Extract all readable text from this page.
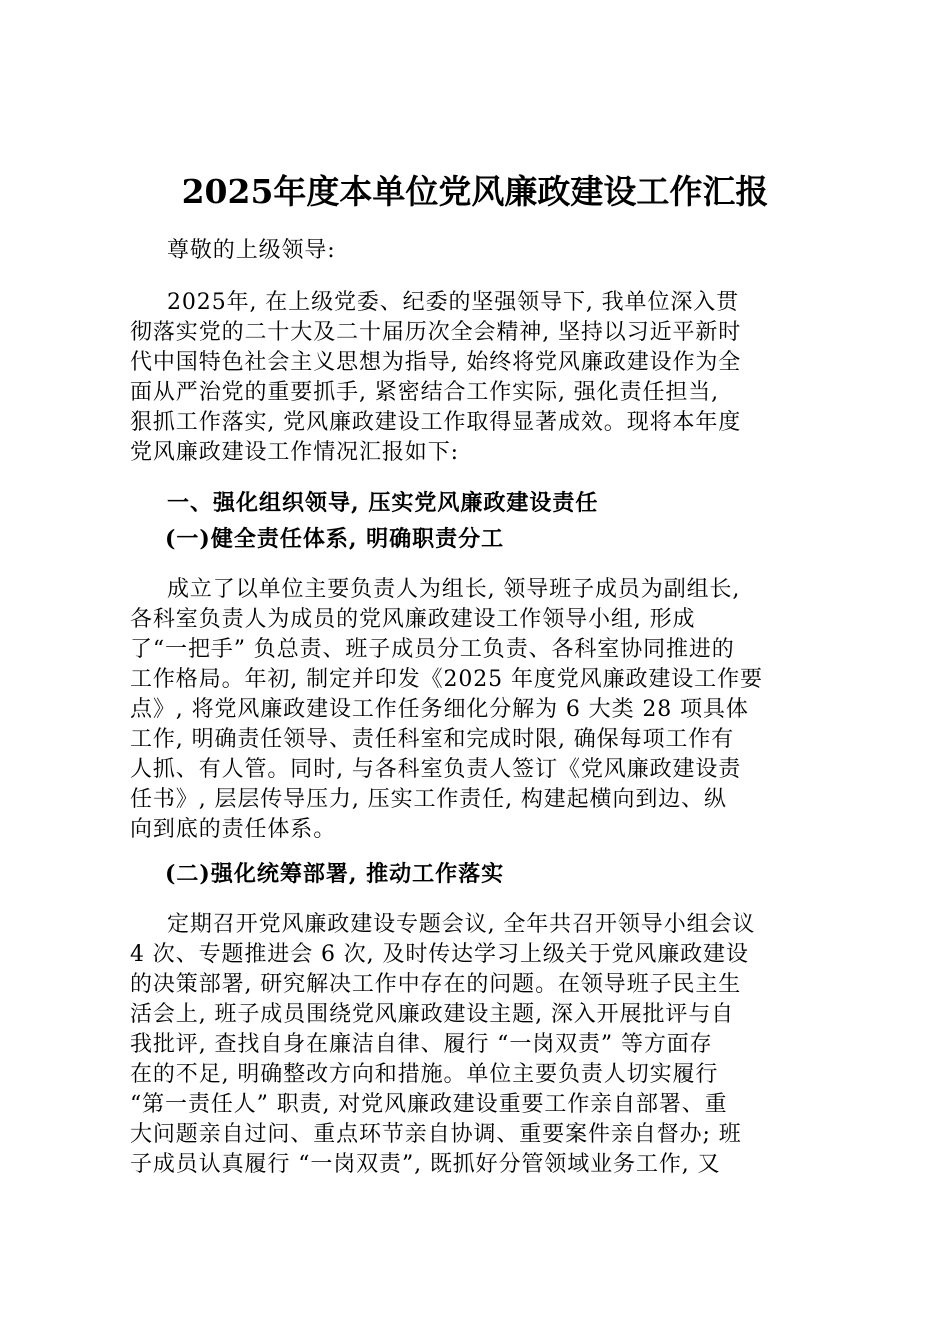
2025年度本单位党风廉政建设工作汇报
尊敬的上级领导:
2025年, 在上级党委、纪委的坚强领导下, 我单位深入贯
彻落实党的二十大及二十届历次全会精神, 坚持以习近平新时
代中国特色社会主义思想为指导, 始终将党风廉政建设作为全
面从严治党的重要抓手, 紧密结合工作实际, 强化责任担当,
狠抓工作落实, 党风廉政建设工作取得显著成效。现将本年度
党风廉政建设工作情况汇报如下:
一、强化组织领导, 压实党风廉政建设责任
(一)健全责任体系, 明确职责分工
成立了以单位主要负责人为组长, 领导班子成员为副组长,
各科室负责人为成员的党风廉政建设工作领导小组, 形成
了“一把手” 负总责、班子成员分工负责、各科室协同推进的
工作格局。年初, 制定并印发《2025 年度党风廉政建设工作要
点》, 将党风廉政建设工作任务细化分解为 6 大类 28 项具体
工作, 明确责任领导、责任科室和完成时限, 确保每项工作有
人抓、有人管。同时, 与各科室负责人签订《党风廉政建设责
任书》, 层层传导压力, 压实工作责任, 构建起横向到边、纵
向到底的责任体系。
(二)强化统筹部署, 推动工作落实
定期召开党风廉政建设专题会议, 全年共召开领导小组会议
4 次、专题推进会 6 次, 及时传达学习上级关于党风廉政建设
的决策部署, 研究解决工作中存在的问题。在领导班子民主生
活会上, 班子成员围绕党风廉政建设主题, 深入开展批评与自
我批评, 查找自身在廉洁自律、履行 “一岗双责” 等方面存
在的不足, 明确整改方向和措施。单位主要负责人切实履行
“第一责任人” 职责, 对党风廉政建设重要工作亲自部署、重
大问题亲自过问、重点环节亲自协调、重要案件亲自督办; 班
子成员认真履行 “一岗双责”, 既抓好分管领域业务工作, 又
